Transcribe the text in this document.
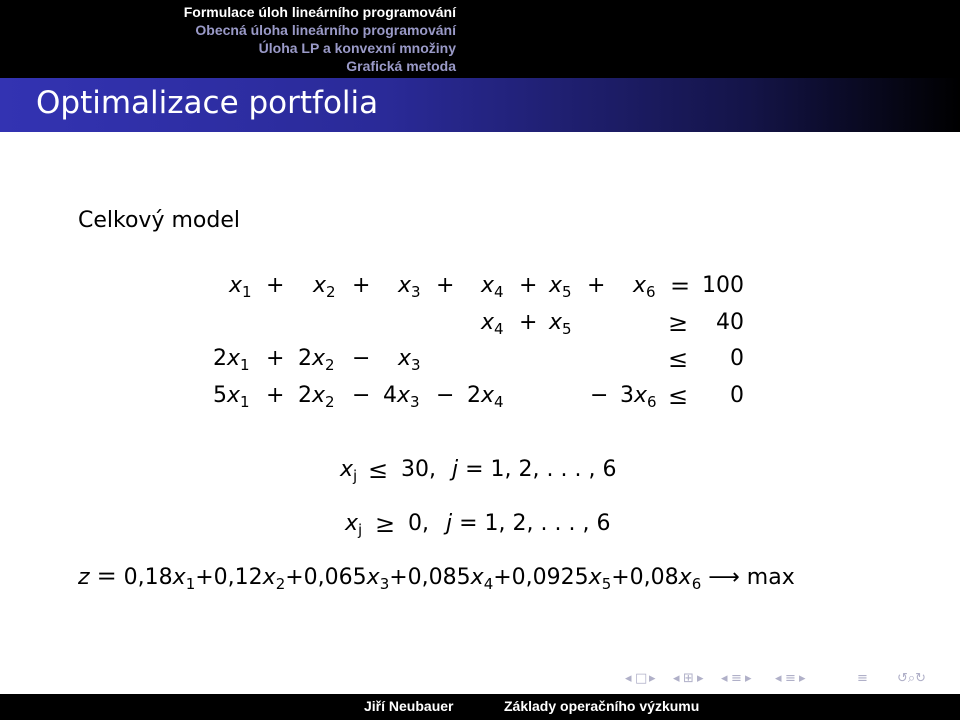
Formulace úloh lineárního programování
Obecná úloha lineárního programování
Úloha LP a konvexní množiny
Grafická metoda
Optimalizace portfolia
Celkový model
$x_1 + x_2 + x_3 + x_4 + x_5 + x_6 = 100$
$x_4 + x_5$	≥ 40
$2x_1 + 2x_2 - x_3$	≤ 0
$5x_1 + 2x_2 - 4x_3 - 2x_4$	− $3x_6 \le 0$
$x_j \le 30$, j = 1, 2, . . . , 6
$x_j \ge 0$, j = 1, 2, . . . , 6
$z = 0,18x_1+0,12x_2+0,065x_3+0,085x_4+0,0925x_5+0,08x_6$ ⟶ max
◂ □ ▸ ◂ ⊞ ▸ ◂ ≡ ▸ ◂ ≡ ▸	≡ ↺⌕↻
Jiří Neubauer	Základy operačního výzkumu
